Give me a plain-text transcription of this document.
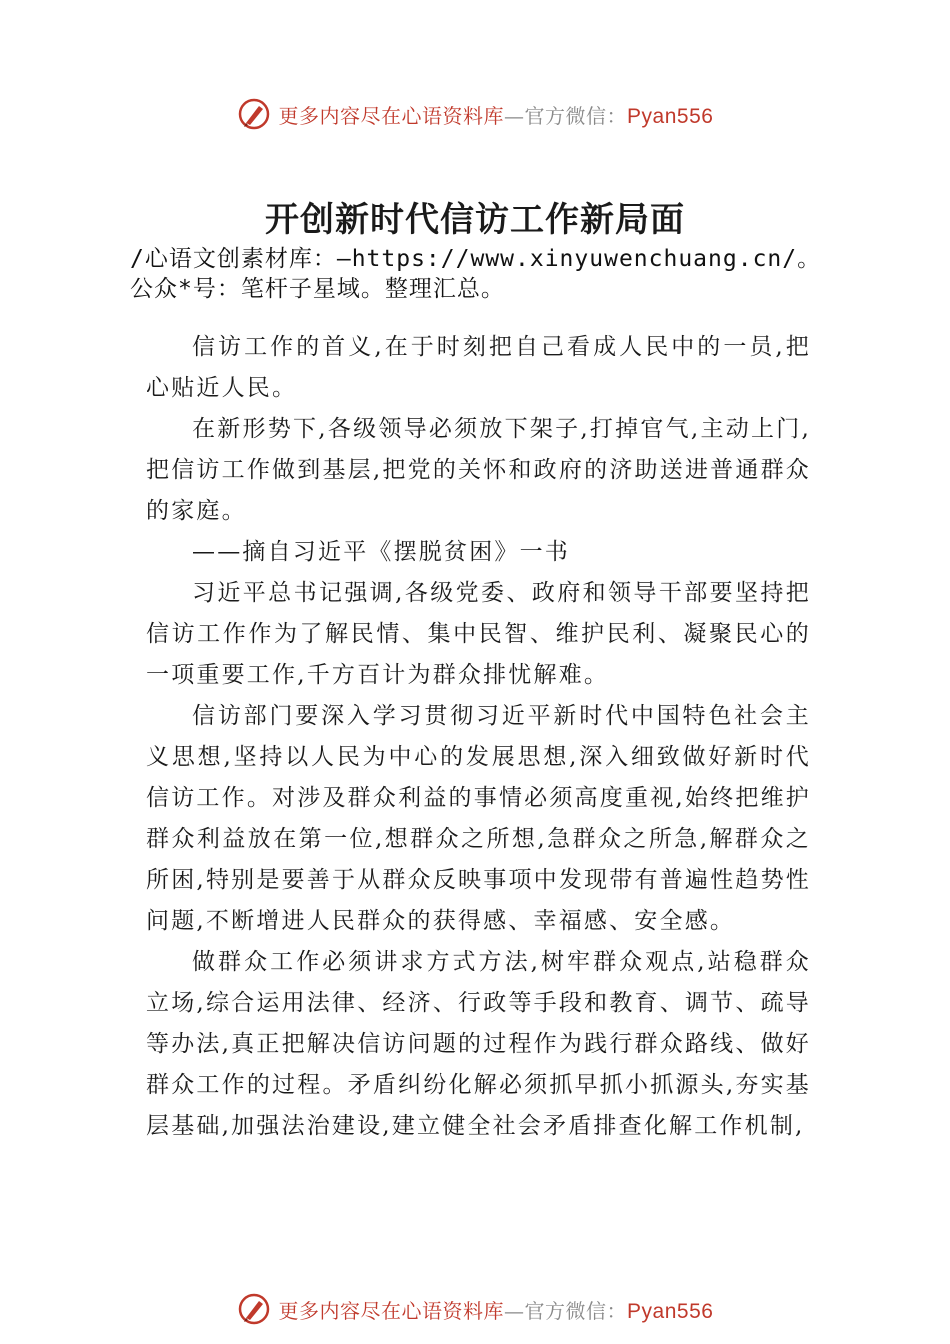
更多内容尽在心语资料库—官方微信：Pyan556
开创新时代信访工作新局面
/心语文创素材库：—https://www.xinyuwenchuang.cn/。公众*号：笔杆子星域。整理汇总。

信访工作的首义,在于时刻把自己看成人民中的一员,把心贴近人民。

在新形势下,各级领导必须放下架子,打掉官气,主动上门,把信访工作做到基层,把党的关怀和政府的济助送进普通群众的家庭。

——摘自习近平《摆脱贫困》一书

习近平总书记强调,各级党委、政府和领导干部要坚持把信访工作作为了解民情、集中民智、维护民利、凝聚民心的一项重要工作,千方百计为群众排忧解难。

信访部门要深入学习贯彻习近平新时代中国特色社会主义思想,坚持以人民为中心的发展思想,深入细致做好新时代信访工作。对涉及群众利益的事情必须高度重视,始终把维护群众利益放在第一位,想群众之所想,急群众之所急,解群众之所困,特别是要善于从群众反映事项中发现带有普遍性趋势性问题,不断增进人民群众的获得感、幸福感、安全感。

做群众工作必须讲求方式方法,树牢群众观点,站稳群众立场,综合运用法律、经济、行政等手段和教育、调节、疏导等办法,真正把解决信访问题的过程作为践行群众路线、做好群众工作的过程。矛盾纠纷化解必须抓早抓小抓源头,夯实基层基础,加强法治建设,建立健全社会矛盾排查化解工作机制,

更多内容尽在心语资料库—官方微信：Pyan556
